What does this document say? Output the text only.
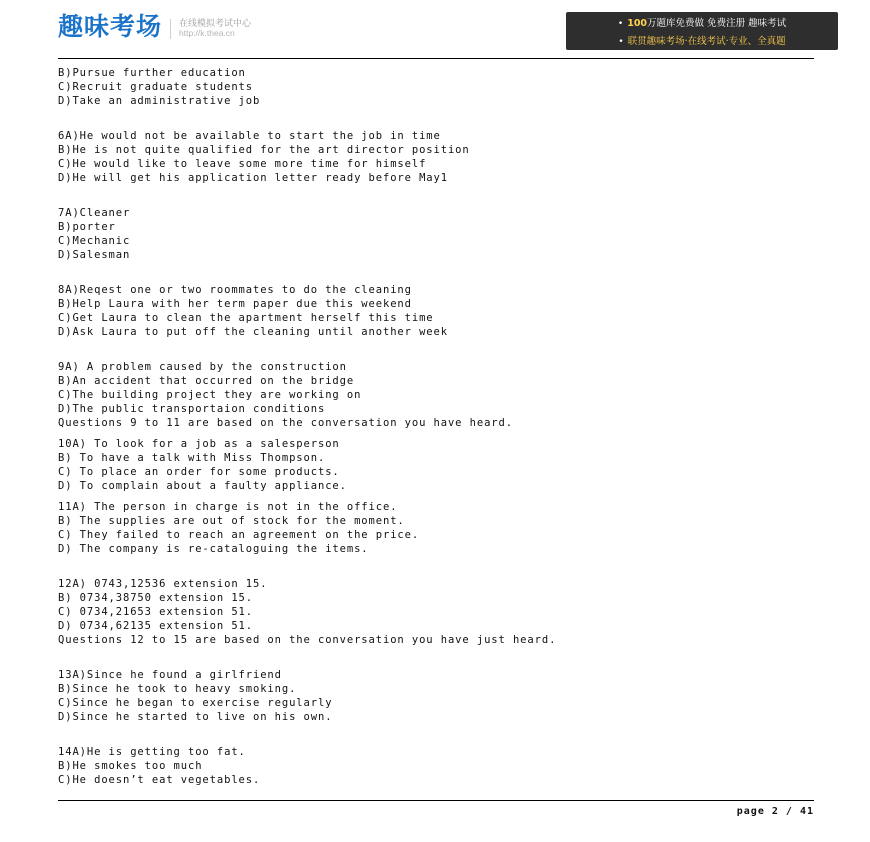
趣味考场 在线模拟考试中心
http://k.thea.cn
• 100万题库免费做 免费注册 趣味考试
• 联贯趣味考场·在线考试·专业、全真题
B)Pursue further education
C)Recruit graduate students
D)Take an administrative job
6A)He would not be available to start the job in time
B)He is not quite qualified for the art director position
C)He would like to leave some more time for himself
D)He will get his application letter ready before May1
7A)Cleaner
B)porter
C)Mechanic
D)Salesman
8A)Reqest one or two roommates to do the cleaning
B)Help Laura with her term paper due this weekend
C)Get Laura to clean the apartment herself this time
D)Ask Laura to put off the cleaning until another week
9A) A problem caused by the construction
B)An accident that occurred on the bridge
C)The building project they are working on
D)The public transportaion conditions
Questions 9 to 11 are based on the conversation you have heard.
10A) To look for a job as a salesperson
B) To have a talk with Miss Thompson.
C) To place an order for some products.
D) To complain about a faulty appliance.
11A) The person in charge is not in the office.
B) The supplies are out of stock for the moment.
C) They failed to reach an agreement on the price.
D) The company is re-cataloguing the items.
12A) 0743,12536 extension 15.
B) 0734,38750 extension 15.
C) 0734,21653 extension 51.
D) 0734,62135 extension 51.
Questions 12 to 15 are based on the conversation you have just heard.
13A)Since he found a girlfriend
B)Since he took to heavy smoking.
C)Since he began to exercise regularly
D)Since he started to live on his own.
14A)He is getting too fat.
B)He smokes too much
C)He doesn’t eat vegetables.
page 2 / 41
